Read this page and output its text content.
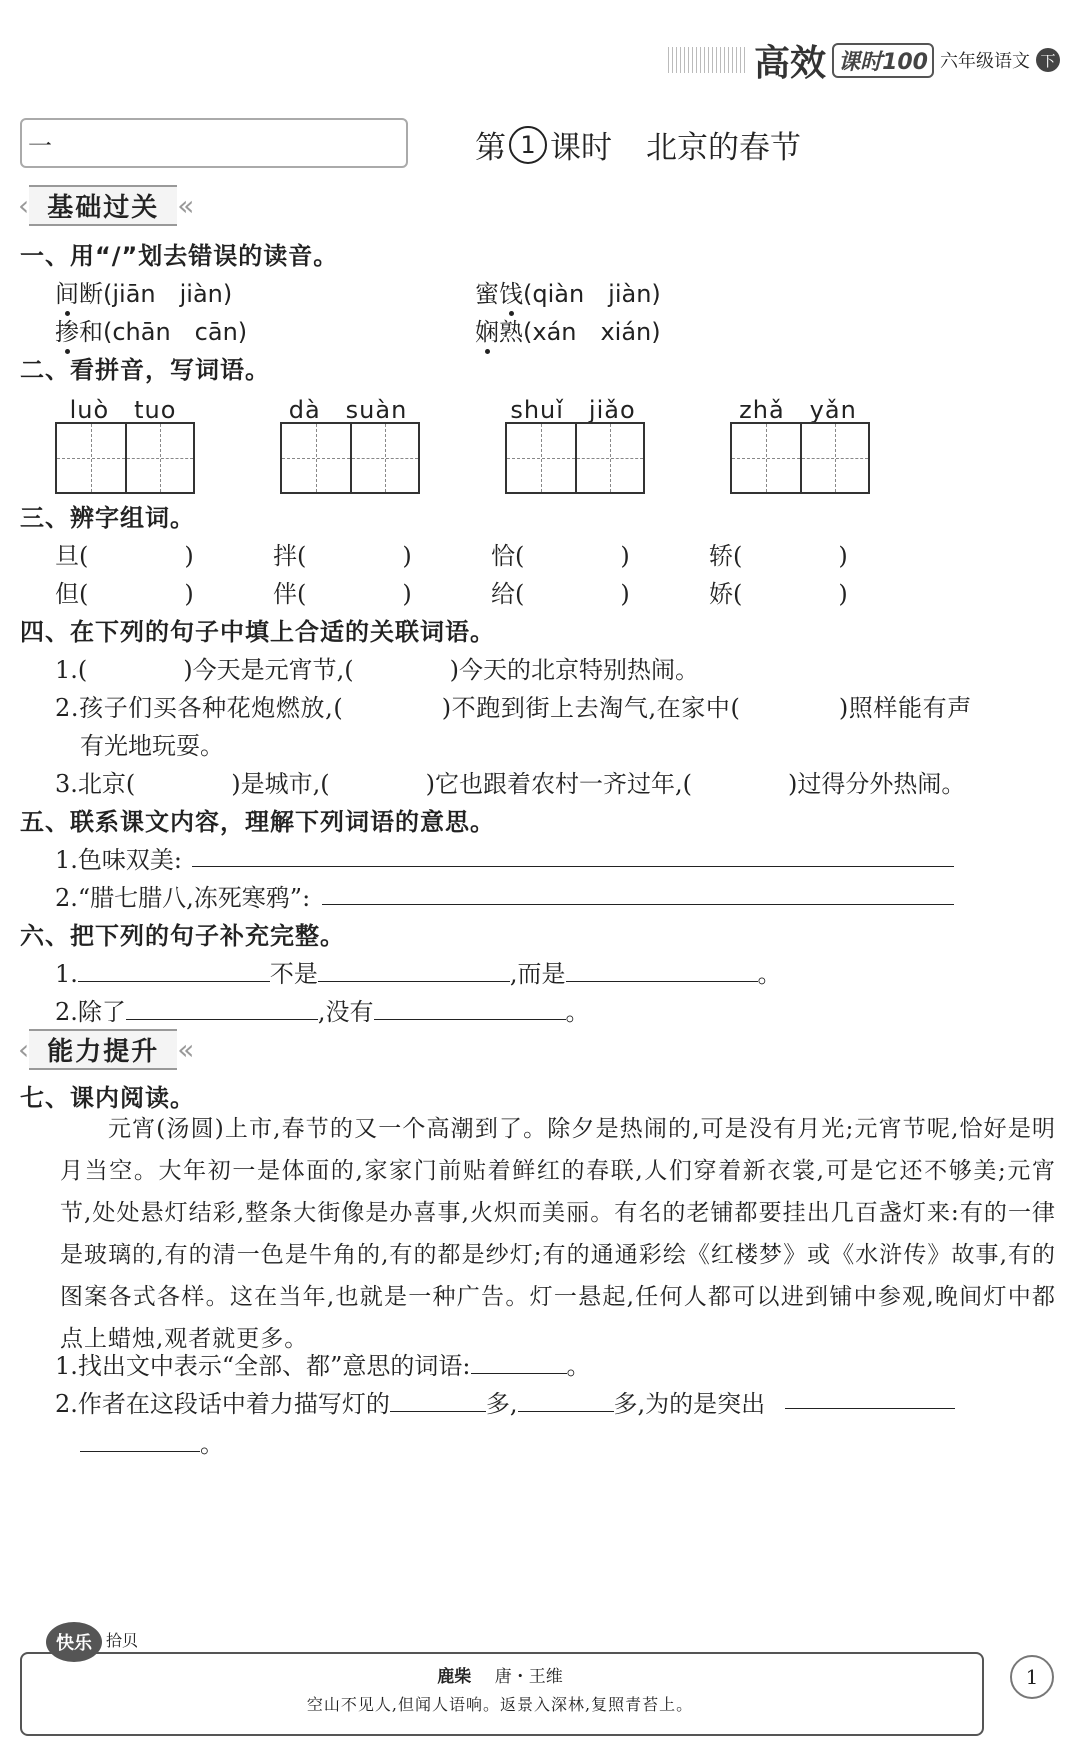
高效 课时100 六年级语文 下
一	第 1 课时 北京的春节
‹ 基础过关 «
一、用“/”划去错误的读音。
间断(jiān　jiàn)	蜜饯(qiàn　jiàn)
掺和(chān　cān)	娴熟(xán　xián)
二、看拼音，写词语。
luò　tuo	dà　suàn	shuǐ　jiǎo	zhǎ　yǎn
三、辨字组词。
旦(　　　　)	拌(　　　　)	恰(　　　　)	轿(　　　　)
但(　　　　)	伴(　　　　)	给(　　　　)	娇(　　　　)
四、在下列的句子中填上合适的关联词语。
1.(　　　　)今天是元宵节,(　　　　)今天的北京特别热闹。
2.孩子们买各种花炮燃放,(　　　　)不跑到街上去淘气,在家中(　　　　)照样能有声
有光地玩耍。
3.北京(　　　　)是城市,(　　　　)它也跟着农村一齐过年,(　　　　)过得分外热闹。
五、联系课文内容，理解下列词语的意思。
1.色味双美:
2.“腊七腊八,冻死寒鸦”:
六、把下列的句子补充完整。
1.	不是	,而是	。
2.除了	,没有	。
‹ 能力提升 «
七、课内阅读。
元宵(汤圆)上市,春节的又一个高潮到了。除夕是热闹的,可是没有月光;元宵节呢,恰好是明月当空。大年初一是体面的,家家门前贴着鲜红的春联,人们穿着新衣裳,可是它还不够美;元宵节,处处悬灯结彩,整条大街像是办喜事,火炽而美丽。有名的老铺都要挂出几百盏灯来:有的一律是玻璃的,有的清一色是牛角的,有的都是纱灯;有的通通彩绘《红楼梦》或《水浒传》故事,有的图案各式各样。这在当年,也就是一种广告。灯一悬起,任何人都可以进到铺中参观,晚间灯中都点上蜡烛,观者就更多。
1.找出文中表示“全部、都”意思的词语:	。
2.作者在这段话中着力描写灯的	多,	多,为的是突出
。
快乐 拾贝
鹿柴 唐・王维
空山不见人,但闻人语响。返景入深林,复照青苔上。
1
